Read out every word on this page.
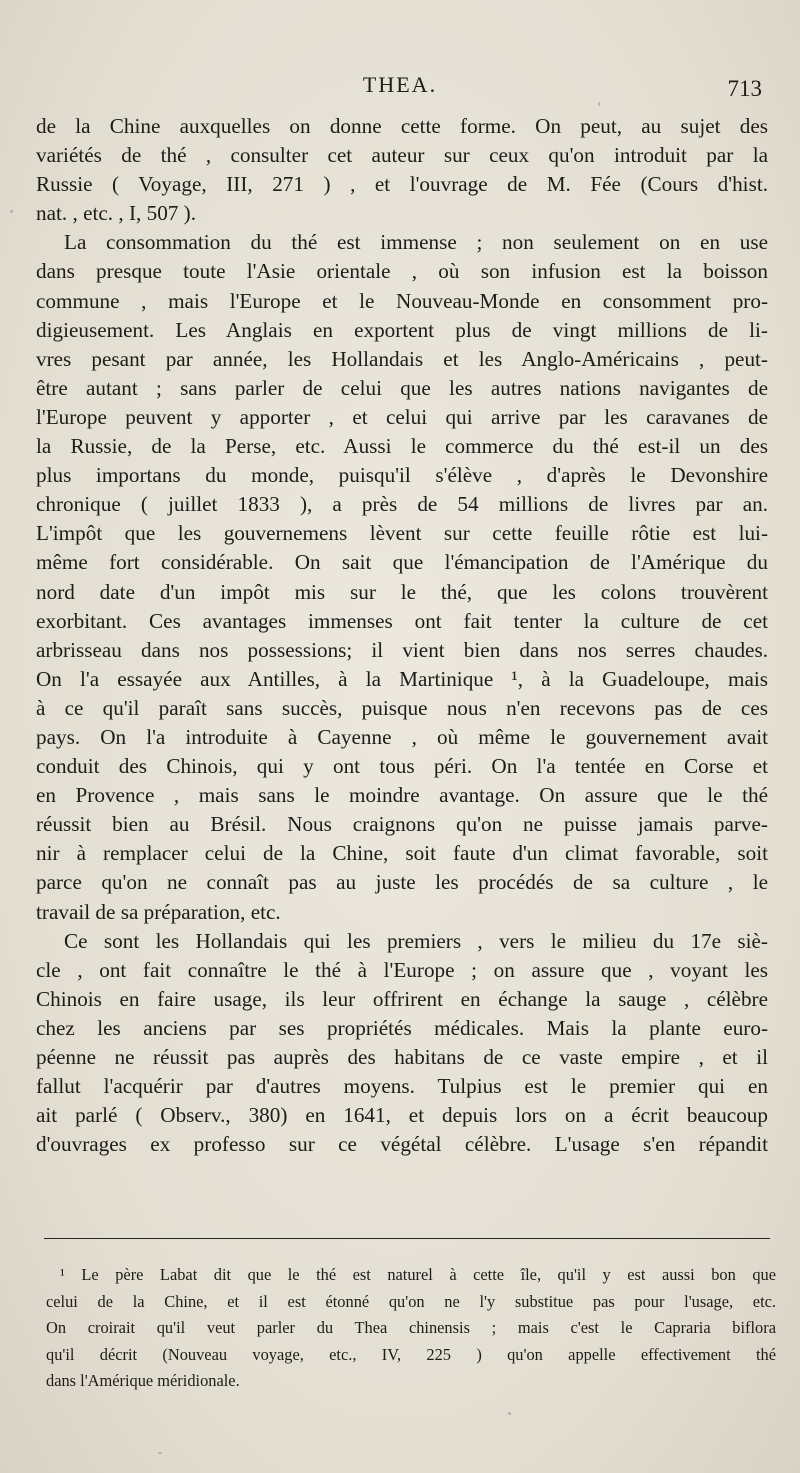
THEA.	713
de la Chine auxquelles on donne cette forme. On peut, au sujet des
variétés de thé , consulter cet auteur sur ceux qu'on introduit par la
Russie ( Voyage, III, 271 ) , et l'ouvrage de M. Fée (Cours d'hist.
nat. , etc. , I, 507 ).
La consommation du thé est immense ; non seulement on en use
dans presque toute l'Asie orientale , où son infusion est la boisson
commune , mais l'Europe et le Nouveau-Monde en consomment pro-
digieusement. Les Anglais en exportent plus de vingt millions de li-
vres pesant par année, les Hollandais et les Anglo-Américains , peut-
être autant ; sans parler de celui que les autres nations navigantes de
l'Europe peuvent y apporter , et celui qui arrive par les caravanes de
la Russie, de la Perse, etc. Aussi le commerce du thé est-il un des
plus importans du monde, puisqu'il s'élève , d'après le Devonshire
chronique ( juillet 1833 ), a près de 54 millions de livres par an.
L'impôt que les gouvernemens lèvent sur cette feuille rôtie est lui-
même fort considérable. On sait que l'émancipation de l'Amérique du
nord date d'un impôt mis sur le thé, que les colons trouvèrent
exorbitant. Ces avantages immenses ont fait tenter la culture de cet
arbrisseau dans nos possessions; il vient bien dans nos serres chaudes.
On l'a essayée aux Antilles, à la Martinique ¹, à la Guadeloupe, mais
à ce qu'il paraît sans succès, puisque nous n'en recevons pas de ces
pays. On l'a introduite à Cayenne , où même le gouvernement avait
conduit des Chinois, qui y ont tous péri. On l'a tentée en Corse et
en Provence , mais sans le moindre avantage. On assure que le thé
réussit bien au Brésil. Nous craignons qu'on ne puisse jamais parve-
nir à remplacer celui de la Chine, soit faute d'un climat favorable, soit
parce qu'on ne connaît pas au juste les procédés de sa culture , le
travail de sa préparation, etc.
Ce sont les Hollandais qui les premiers , vers le milieu du 17e siè-
cle , ont fait connaître le thé à l'Europe ; on assure que , voyant les
Chinois en faire usage, ils leur offrirent en échange la sauge , célèbre
chez les anciens par ses propriétés médicales. Mais la plante euro-
péenne ne réussit pas auprès des habitans de ce vaste empire , et il
fallut l'acquérir par d'autres moyens. Tulpius est le premier qui en
ait parlé ( Observ., 380) en 1641, et depuis lors on a écrit beaucoup
d'ouvrages ex professo sur ce végétal célèbre. L'usage s'en répandit
¹ Le père Labat dit que le thé est naturel à cette île, qu'il y est aussi bon que
celui de la Chine, et il est étonné qu'on ne l'y substitue pas pour l'usage, etc.
On croirait qu'il veut parler du Thea chinensis ; mais c'est le Capraria biflora
qu'il décrit (Nouveau voyage, etc., IV, 225 ) qu'on appelle effectivement thé
dans l'Amérique méridionale.
